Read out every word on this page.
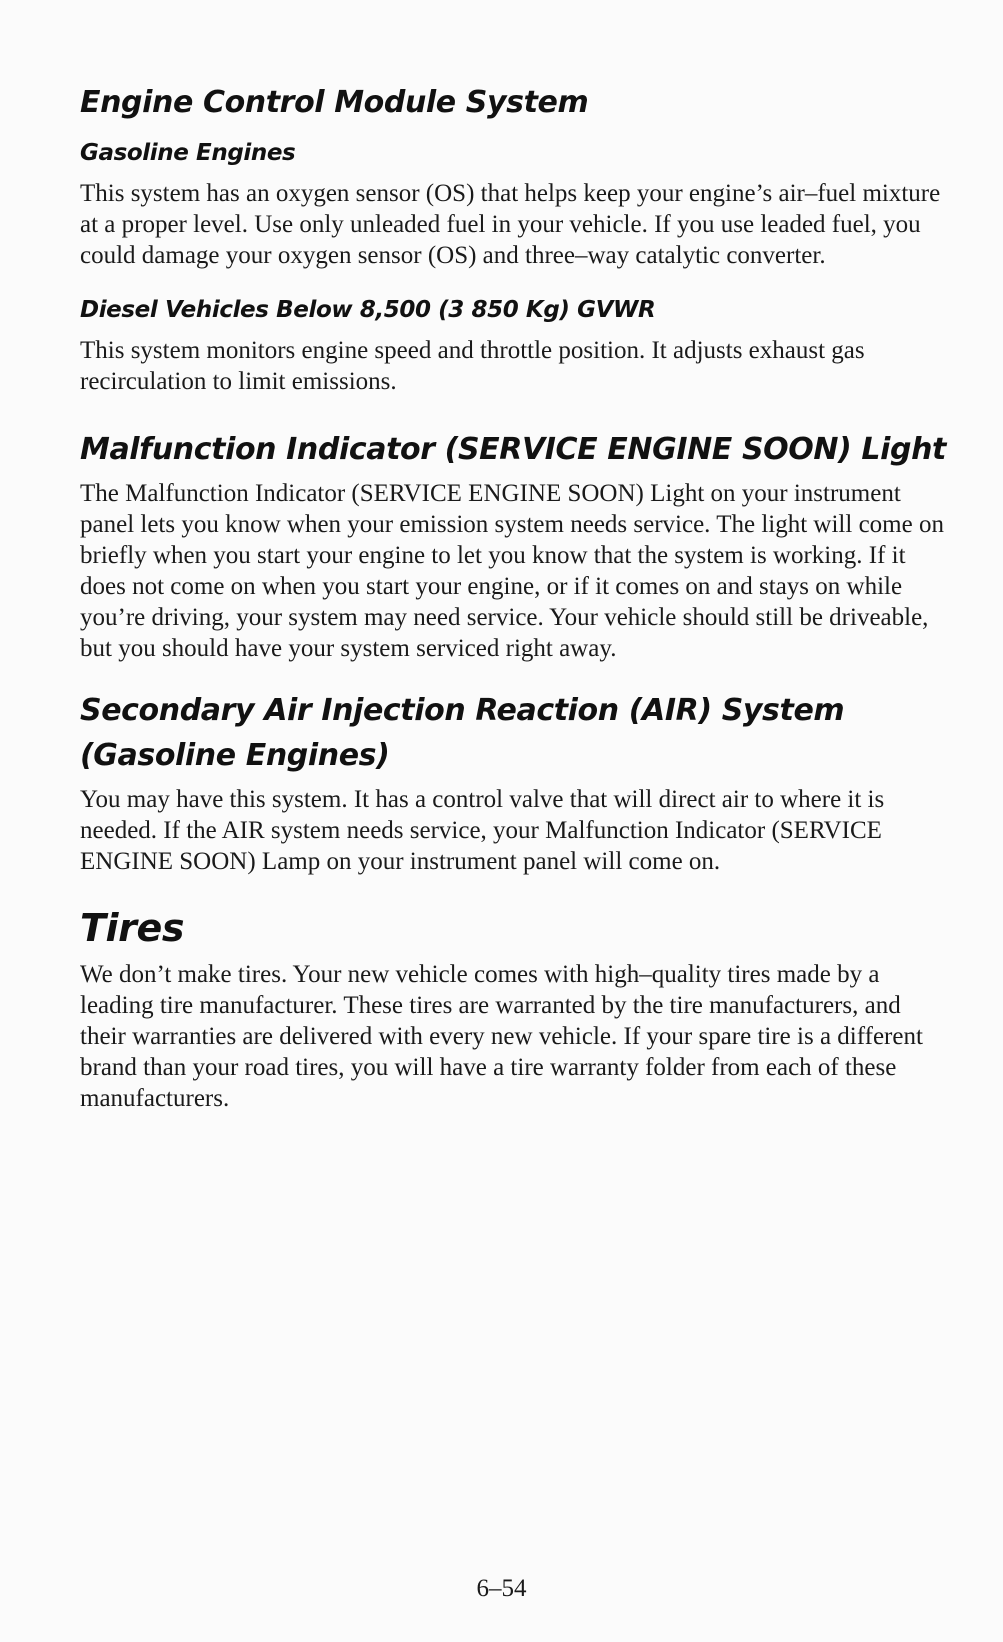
Engine Control Module System
Gasoline Engines

This system has an oxygen sensor (OS) that helps keep your engine’s air–fuel mixture at a proper level. Use only unleaded fuel in your vehicle. If you use leaded fuel, you could damage your oxygen sensor (OS) and three–way catalytic converter.

Diesel Vehicles Below 8,500 (3 850 Kg) GVWR

This system monitors engine speed and throttle position. It adjusts exhaust gas recirculation to limit emissions.

Malfunction Indicator (SERVICE ENGINE SOON) Light

The Malfunction Indicator (SERVICE ENGINE SOON) Light on your instrument panel lets you know when your emission system needs service. The light will come on briefly when you start your engine to let you know that the system is working. If it does not come on when you start your engine, or if it comes on and stays on while you’re driving, your system may need service. Your vehicle should still be driveable, but you should have your system serviced right away.

Secondary Air Injection Reaction (AIR) System (Gasoline Engines)

You may have this system. It has a control valve that will direct air to where it is needed. If the AIR system needs service, your Malfunction Indicator (SERVICE ENGINE SOON) Lamp on your instrument panel will come on.

Tires

We don’t make tires. Your new vehicle comes with high–quality tires made by a leading tire manufacturer. These tires are warranted by the tire manufacturers, and their warranties are delivered with every new vehicle. If your spare tire is a different brand than your road tires, you will have a tire warranty folder from each of these manufacturers.

6–54
